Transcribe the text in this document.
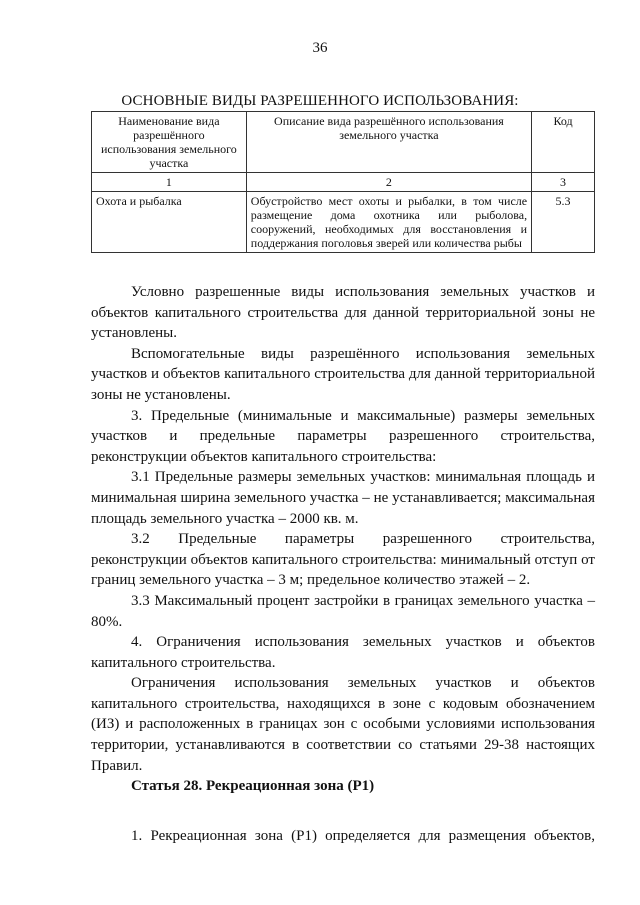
36
ОСНОВНЫЕ ВИДЫ РАЗРЕШЕННОГО ИСПОЛЬЗОВАНИЯ:
Наименование вида разрешённого использования земельного участка	Описание вида разрешённого использования земельного участка	Код
1	2	3
Охота и рыбалка	Обустройство мест охоты и рыбалки, в том числе размещение дома охотника или рыболова, сооружений, необходимых для восстановления и поддержания поголовья зверей или количества рыбы	5.3

Условно разрешенные виды использования земельных участков и объектов капитального строительства для данной территориальной зоны не установлены.

Вспомогательные виды разрешённого использования земельных участков и объектов капитального строительства для данной территориальной зоны не установлены.

3. Предельные (минимальные и максимальные) размеры земельных участков и предельные параметры разрешенного строительства, реконструкции объектов капитального строительства:

3.1 Предельные размеры земельных участков: минимальная площадь и минимальная ширина земельного участка – не устанавливается; максимальная площадь земельного участка – 2000 кв. м.

3.2 Предельные параметры разрешенного строительства, реконструкции объектов капитального строительства: минимальный отступ от границ земельного участка – 3 м; предельное количество этажей – 2.

3.3 Максимальный процент застройки в границах земельного участка – 80%.

4. Ограничения использования земельных участков и объектов капитального строительства.

Ограничения использования земельных участков и объектов капитального строительства, находящихся в зоне с кодовым обозначением (ИЗ) и расположенных в границах зон с особыми условиями использования территории, устанавливаются в соответствии со статьями 29-38 настоящих Правил.

Статья 28. Рекреационная зона (Р1)

1. Рекреационная зона (Р1) определяется для размещения объектов,
